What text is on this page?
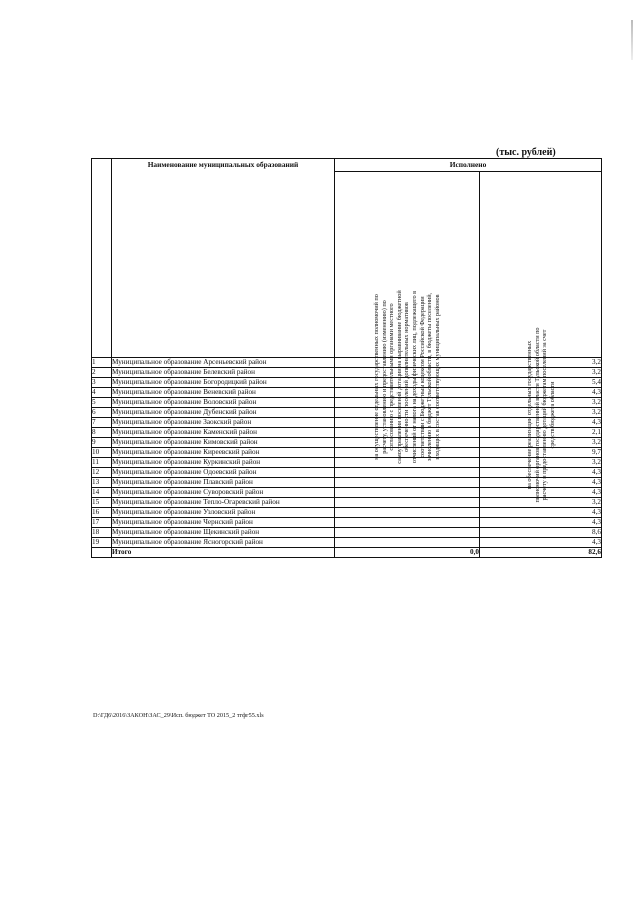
(тыс. рублей)
	Наименование муниципальных образований	Исполнено	

		на осуществление отдельных государственных полномочий по расчету, установлению и предоставлению (изменению) по согласованию с представительными органами местного самоуправления поселений дотации на выравнивание бюджетной обеспеченности поселений дополнительных нормативов отчислений от налога на доходы физических лиц, подлежащего в соответствии с Бюджетным кодексом Российской Федерации зачислению в бюджет Тульской области, в бюджеты поселений, входящих в состав соответствующих муниципальных районов	на обеспечение реализации отдельных государственных полномочий органов государственной власти Тульской области по расчету и предоставлению дотаций бюджетам поселений за счет средств бюджета области

1	Муниципальное образование Арсеньевский район		3,2
2	Муниципальное образование Белевский район		3,2
3	Муниципальное образование Богородицкий район		5,4
4	Муниципальное образование Веневский район		4,3
5	Муниципальное образование Воловский район		3,2
6	Муниципальное образование Дубенский район		3,2
7	Муниципальное образование Заокский район		4,3
8	Муниципальное образование Каменский район		2,1
9	Муниципальное образование Кимовский район		3,2
10	Муниципальное образование Киреевский район		9,7
11	Муниципальное образование Куркинский район		3,2
12	Муниципальное образование Одоевский район		4,3
13	Муниципальное образование Плавский район		4,3
14	Муниципальное образование Суворовский район		4,3
15	Муниципальное образование Тепло-Огаревский район		3,2
16	Муниципальное образование Узловский район		4,3
17	Муниципальное образование Чернский район		4,3
18	Муниципальное образование Щекинский район		8,6
19	Муниципальное образование Ясногорский район		4,3
	Итого	0,0	82,6
D:\ГД6\2016\ЗАКОН\ЗАС_29\Исп. бюджет ТО 2015_2 тгфг55.xls
